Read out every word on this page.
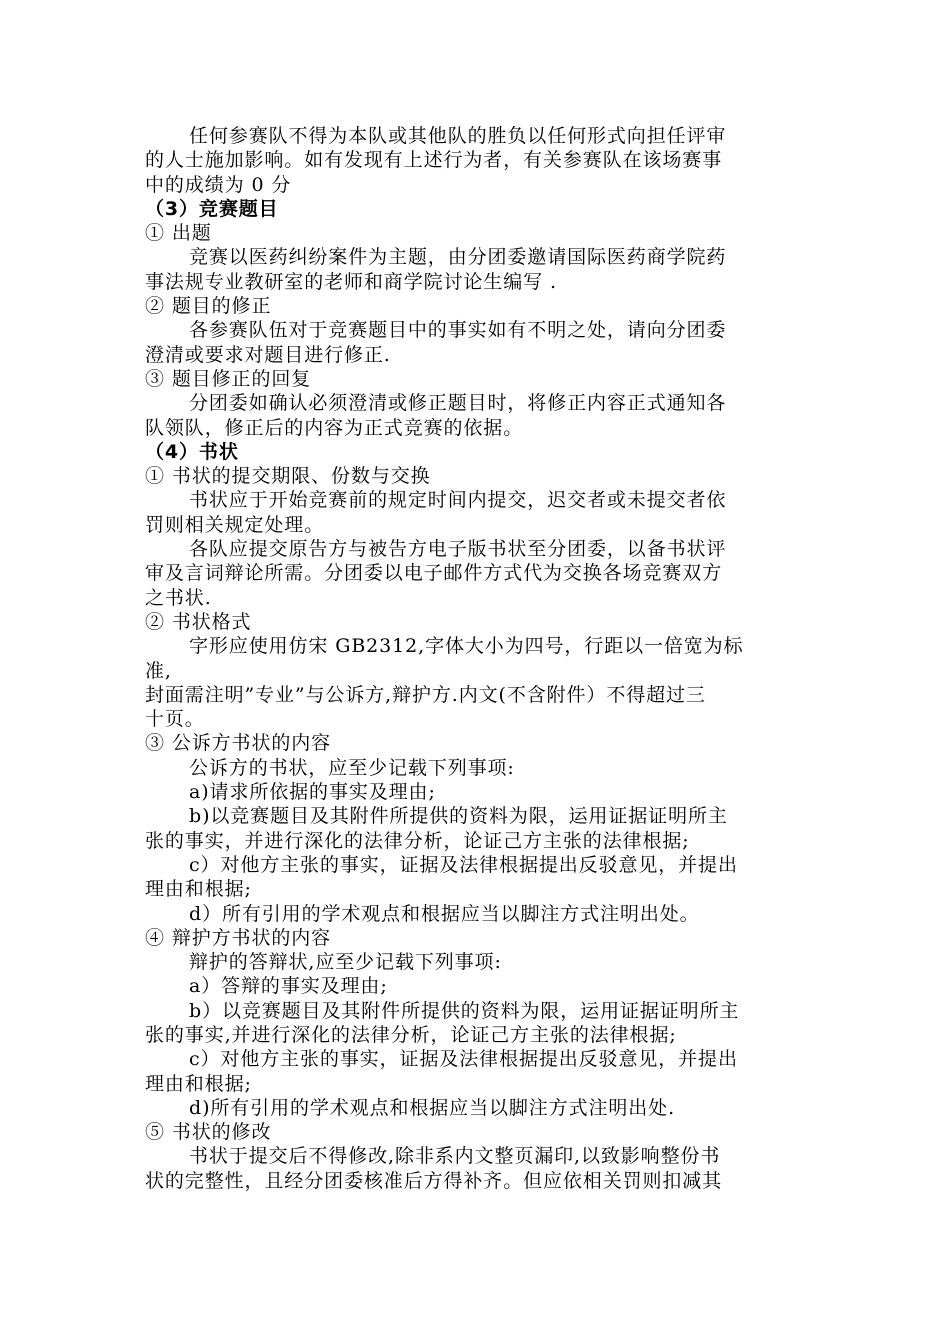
任何参赛队不得为本队或其他队的胜负以任何形式向担任评审
的人士施加影响。如有发现有上述行为者，有关参赛队在该场赛事
中的成绩为 0 分
（3）竞赛题目
① 出题
竞赛以医药纠纷案件为主题，由分团委邀请国际医药商学院药
事法规专业教研室的老师和商学院讨论生编写 .
② 题目的修正
各参赛队伍对于竞赛题目中的事实如有不明之处，请向分团委
澄清或要求对题目进行修正.
③ 题目修正的回复
分团委如确认必须澄清或修正题目时，将修正内容正式通知各
队领队，修正后的内容为正式竞赛的依据。
（4）书状
① 书状的提交期限、份数与交换
书状应于开始竞赛前的规定时间内提交，迟交者或未提交者依
罚则相关规定处理。
各队应提交原告方与被告方电子版书状至分团委，以备书状评
审及言词辩论所需。分团委以电子邮件方式代为交换各场竞赛双方
之书状.
② 书状格式
字形应使用仿宋 GB2312,字体大小为四号，行距以一倍宽为标
准,
封面需注明”专业”与公诉方,辩护方.内文(不含附件）不得超过三
十页。
③ 公诉方书状的内容
公诉方的书状，应至少记载下列事项:
a)请求所依据的事实及理由;
b)以竞赛题目及其附件所提供的资料为限，运用证据证明所主
张的事实，并进行深化的法律分析，论证己方主张的法律根据;
c）对他方主张的事实，证据及法律根据提出反驳意见，并提出
理由和根据;
d）所有引用的学术观点和根据应当以脚注方式注明出处。
④ 辩护方书状的内容
辩护的答辩状,应至少记载下列事项:
a）答辩的事实及理由;
b）以竞赛题目及其附件所提供的资料为限，运用证据证明所主
张的事实,并进行深化的法律分析，论证己方主张的法律根据;
c）对他方主张的事实，证据及法律根据提出反驳意见，并提出
理由和根据;
d)所有引用的学术观点和根据应当以脚注方式注明出处.
⑤ 书状的修改
书状于提交后不得修改,除非系内文整页漏印,以致影响整份书
状的完整性，且经分团委核准后方得补齐。但应依相关罚则扣减其
